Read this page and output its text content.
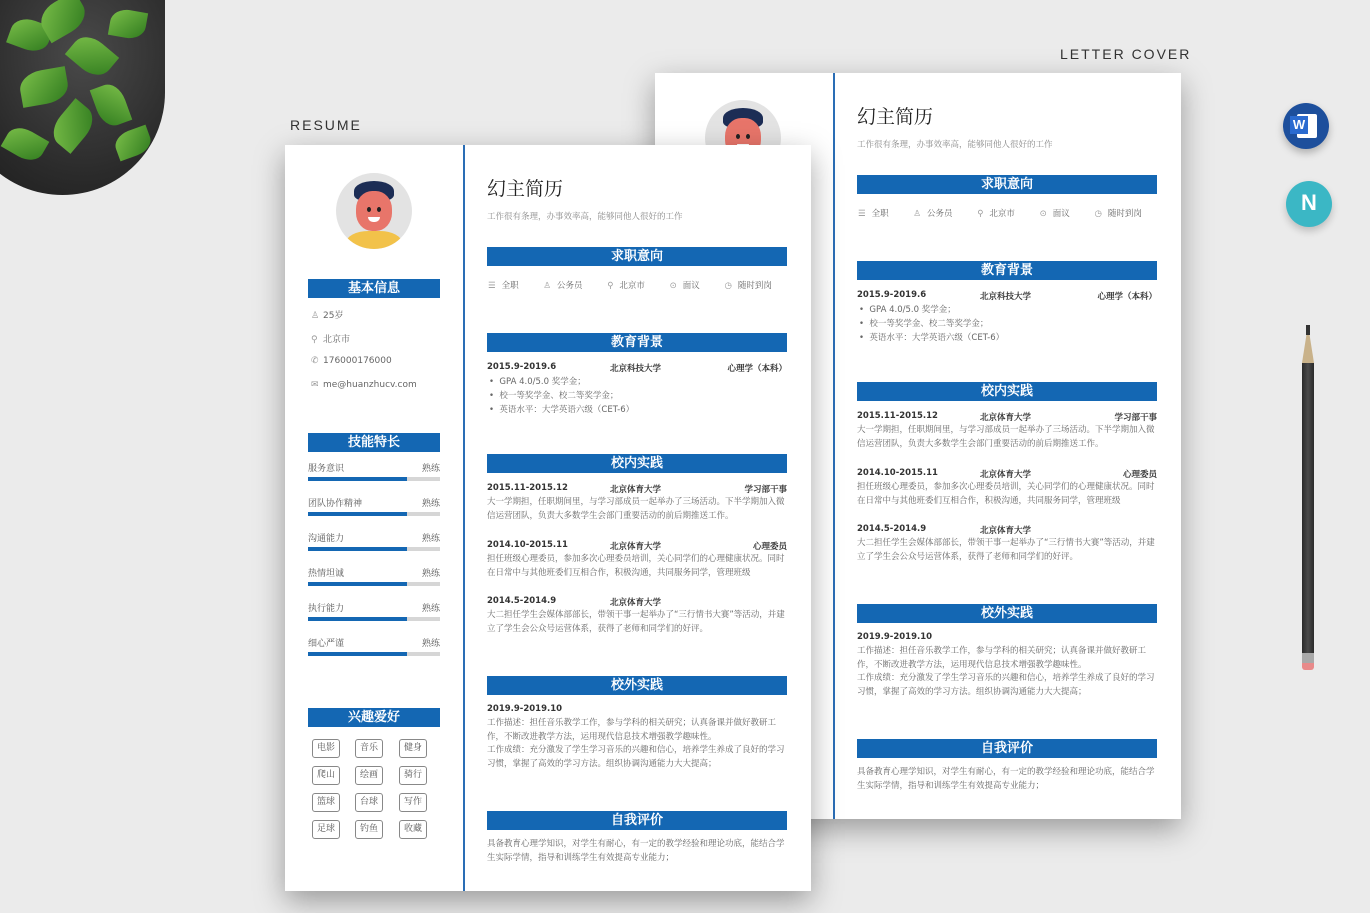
RESUME
LETTER COVER
幻主简历
工作很有条理，办事效率高，能够同他人很好的工作
求职意向
☰ 全职	♙ 公务员	⚲ 北京市	⊙ 面议	◷ 随时到岗
教育背景
2015.9-2019.6	北京科技大学	心理学（本科）
•  GPA 4.0/5.0 奖学金；
•  校一等奖学金、校二等奖学金；
•  英语水平：大学英语六级（CET-6）
校内实践
2015.11-2015.12	北京体育大学	学习部干事
大一学期担，任职期间里，与学习部成员一起举办了三场活动。下半学期加入微信运营团队，负责大多数学生会部门重要活动的前后期推送工作。
2014.10-2015.11	北京体育大学	心理委员
担任班级心理委员，参加多次心理委员培训，关心同学们的心理健康状况。同时在日常中与其他班委们互相合作，积极沟通，共同服务同学，管理班级
2014.5-2014.9	北京体育大学
大二担任学生会媒体部部长，带领干事一起举办了“三行情书大赛”等活动，并建立了学生会公众号运营体系，获得了老师和同学们的好评。
校外实践
2019.9-2019.10
工作描述：担任音乐教学工作，参与学科的相关研究；认真备课并做好教研工作，不断改进教学方法，运用现代信息技术增强教学趣味性。
工作成绩：充分激发了学生学习音乐的兴趣和信心，培养学生养成了良好的学习习惯，掌握了高效的学习方法。组织协调沟通能力大大提高；
自我评价
具备教育心理学知识，对学生有耐心，有一定的教学经验和理论功底，能结合学生实际学情，指导和训练学生有效提高专业能力；
基本信息
♙ 25岁
⚲ 北京市
✆ 176000176000
✉ me@huanzhucv.com
技能特长
服务意识	熟练
团队协作精神	熟练
沟通能力	熟练
热情坦诚	熟练
执行能力	熟练
细心严谨	熟练
兴趣爱好
电影	音乐	健身
爬山	绘画	骑行
篮球	台球	写作
足球	钓鱼	收藏
幻主简历
工作很有条理，办事效率高，能够同他人很好的工作
求职意向
☰ 全职	♙ 公务员	⚲ 北京市	⊙ 面议	◷ 随时到岗
教育背景
2015.9-2019.6	北京科技大学	心理学（本科）
•  GPA 4.0/5.0 奖学金；
•  校一等奖学金、校二等奖学金；
•  英语水平：大学英语六级（CET-6）
校内实践
2015.11-2015.12	北京体育大学	学习部干事
大一学期担，任职期间里，与学习部成员一起举办了三场活动。下半学期加入微信运营团队，负责大多数学生会部门重要活动的前后期推送工作。
2014.10-2015.11	北京体育大学	心理委员
担任班级心理委员，参加多次心理委员培训，关心同学们的心理健康状况。同时在日常中与其他班委们互相合作，积极沟通，共同服务同学，管理班级
2014.5-2014.9	北京体育大学
大二担任学生会媒体部部长，带领干事一起举办了“三行情书大赛”等活动，并建立了学生会公众号运营体系，获得了老师和同学们的好评。
校外实践
2019.9-2019.10
工作描述：担任音乐教学工作，参与学科的相关研究；认真备课并做好教研工作，不断改进教学方法，运用现代信息技术增强教学趣味性。
工作成绩：充分激发了学生学习音乐的兴趣和信心，培养学生养成了良好的学习习惯，掌握了高效的学习方法。组织协调沟通能力大大提高；
自我评价
具备教育心理学知识，对学生有耐心，有一定的教学经验和理论功底，能结合学生实际学情，指导和训练学生有效提高专业能力；
W
N
